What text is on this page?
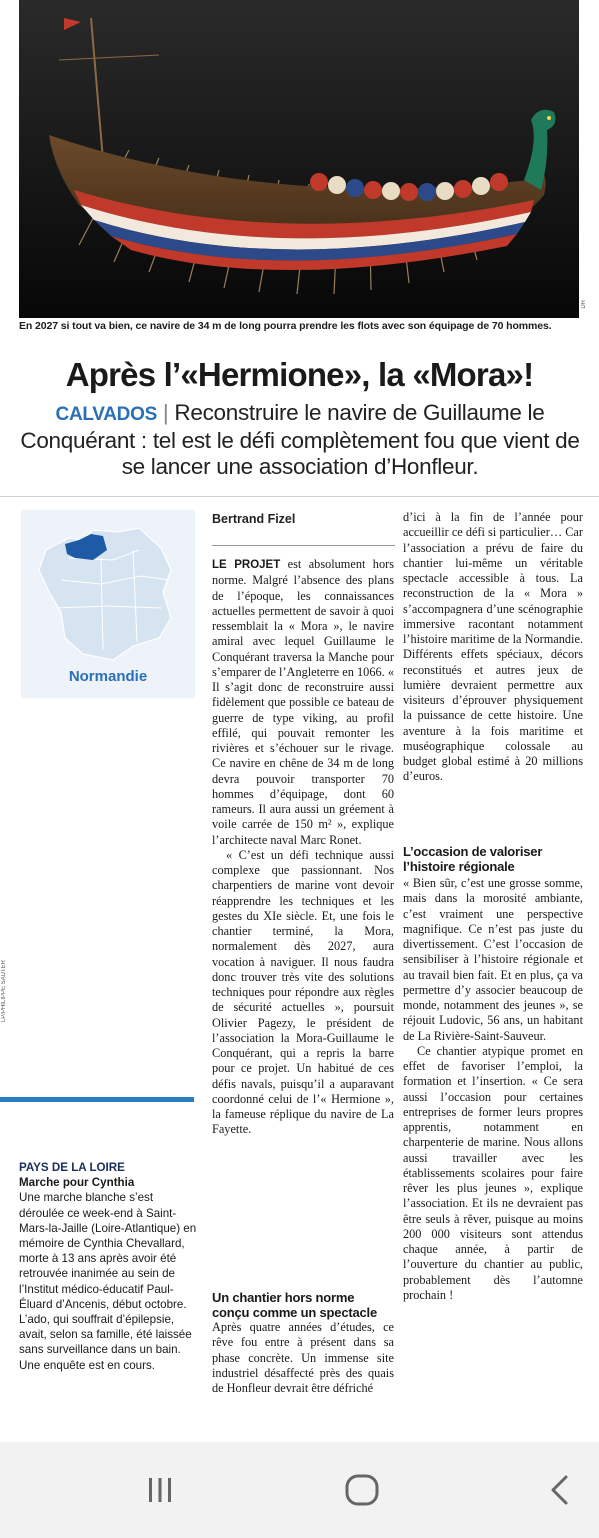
DR
En 2027 si tout va bien, ce navire de 34 m de long pourra prendre les flots avec son équipage de 70 hommes.
Après l’«Hermione», la «Mora»!
CALVADOS | Reconstruire le navire de Guillaume le Conquérant : tel est le défi complètement fou que vient de se lancer une association d’Honfleur.
Normandie
LP/PHILIPPE SAUTER
PAYS DE LA LOIRE
Marche pour Cynthia
Une marche blanche s’est déroulée ce week-end à Saint-Mars-la-Jaille (Loire-Atlantique) en mémoire de Cynthia Chevallard, morte à 13 ans après avoir été retrouvée inanimée au sein de l’Institut médico-éducatif Paul-Éluard d’Ancenis, début octobre. L’ado, qui souffrait d’épilepsie, avait, selon sa famille, été laissée sans surveillance dans un bain. Une enquête est en cours.
Bertrand Fizel

LE PROJET est absolument hors norme. Malgré l’absence des plans de l’époque, les connaissances actuelles permettent de savoir à quoi ressemblait la « Mora », le navire amiral avec lequel Guillaume le Conquérant traversa la Manche pour s’emparer de l’Angleterre en 1066. « Il s’agit donc de reconstruire aussi fidèlement que possible ce bateau de guerre de type viking, au profil effilé, qui pouvait remonter les rivières et s’échouer sur le rivage. Ce navire en chêne de 34 m de long devra pouvoir transporter 70 hommes d’équipage, dont 60 rameurs. Il aura aussi un gréement à voile carrée de 150 m² », explique l’architecte naval Marc Ronet.

« C’est un défi technique aussi complexe que passionnant. Nos charpentiers de marine vont devoir réapprendre les techniques et les gestes du XIe siècle. Et, une fois le chantier terminé, la Mora, normalement dès 2027, aura vocation à naviguer. Il nous faudra donc trouver très vite des solutions techniques pour répondre aux règles de sécurité actuelles », poursuit Olivier Pagezy, le président de l’association la Mora-Guillaume le Conquérant, qui a repris la barre pour ce projet. Un habitué de ces défis navals, puisqu’il a auparavant coordonné celui de l’« Hermione », la fameuse réplique du navire de La Fayette.

Un chantier hors norme conçu comme un spectacle

Après quatre années d’études, ce rêve fou entre à présent dans sa phase concrète. Un immense site industriel désaffecté près des quais de Honfleur devrait être défriché

d’ici à la fin de l’année pour accueillir ce défi si particulier… Car l’association a prévu de faire du chantier lui-même un véritable spectacle accessible à tous. La reconstruction de la « Mora » s’accompagnera d’une scénographie immersive racontant notamment l’histoire maritime de la Normandie. Différents effets spéciaux, décors reconstitués et autres jeux de lumière devraient permettre aux visiteurs d’éprouver physiquement la puissance de cette histoire. Une aventure à la fois maritime et muséographique colossale au budget global estimé à 20 millions d’euros.

L’occasion de valoriser l’histoire régionale

« Bien sûr, c’est une grosse somme, mais dans la morosité ambiante, c’est vraiment une perspective magnifique. Ce n’est pas juste du divertissement. C’est l’occasion de sensibiliser à l’histoire régionale et au travail bien fait. Et en plus, ça va permettre d’y associer beaucoup de monde, notamment des jeunes », se réjouit Ludovic, 56 ans, un habitant de La Rivière-Saint-Sauveur.

Ce chantier atypique promet en effet de favoriser l’emploi, la formation et l’insertion. « Ce sera aussi l’occasion pour certaines entreprises de former leurs propres apprentis, notamment en charpenterie de marine. Nous allons aussi travailler avec les établissements scolaires pour faire rêver les plus jeunes », explique l’association. Et ils ne devraient pas être seuls à rêver, puisque au moins 200 000 visiteurs sont attendus chaque année, à partir de l’ouverture du chantier au public, probablement dès l’automne prochain !
